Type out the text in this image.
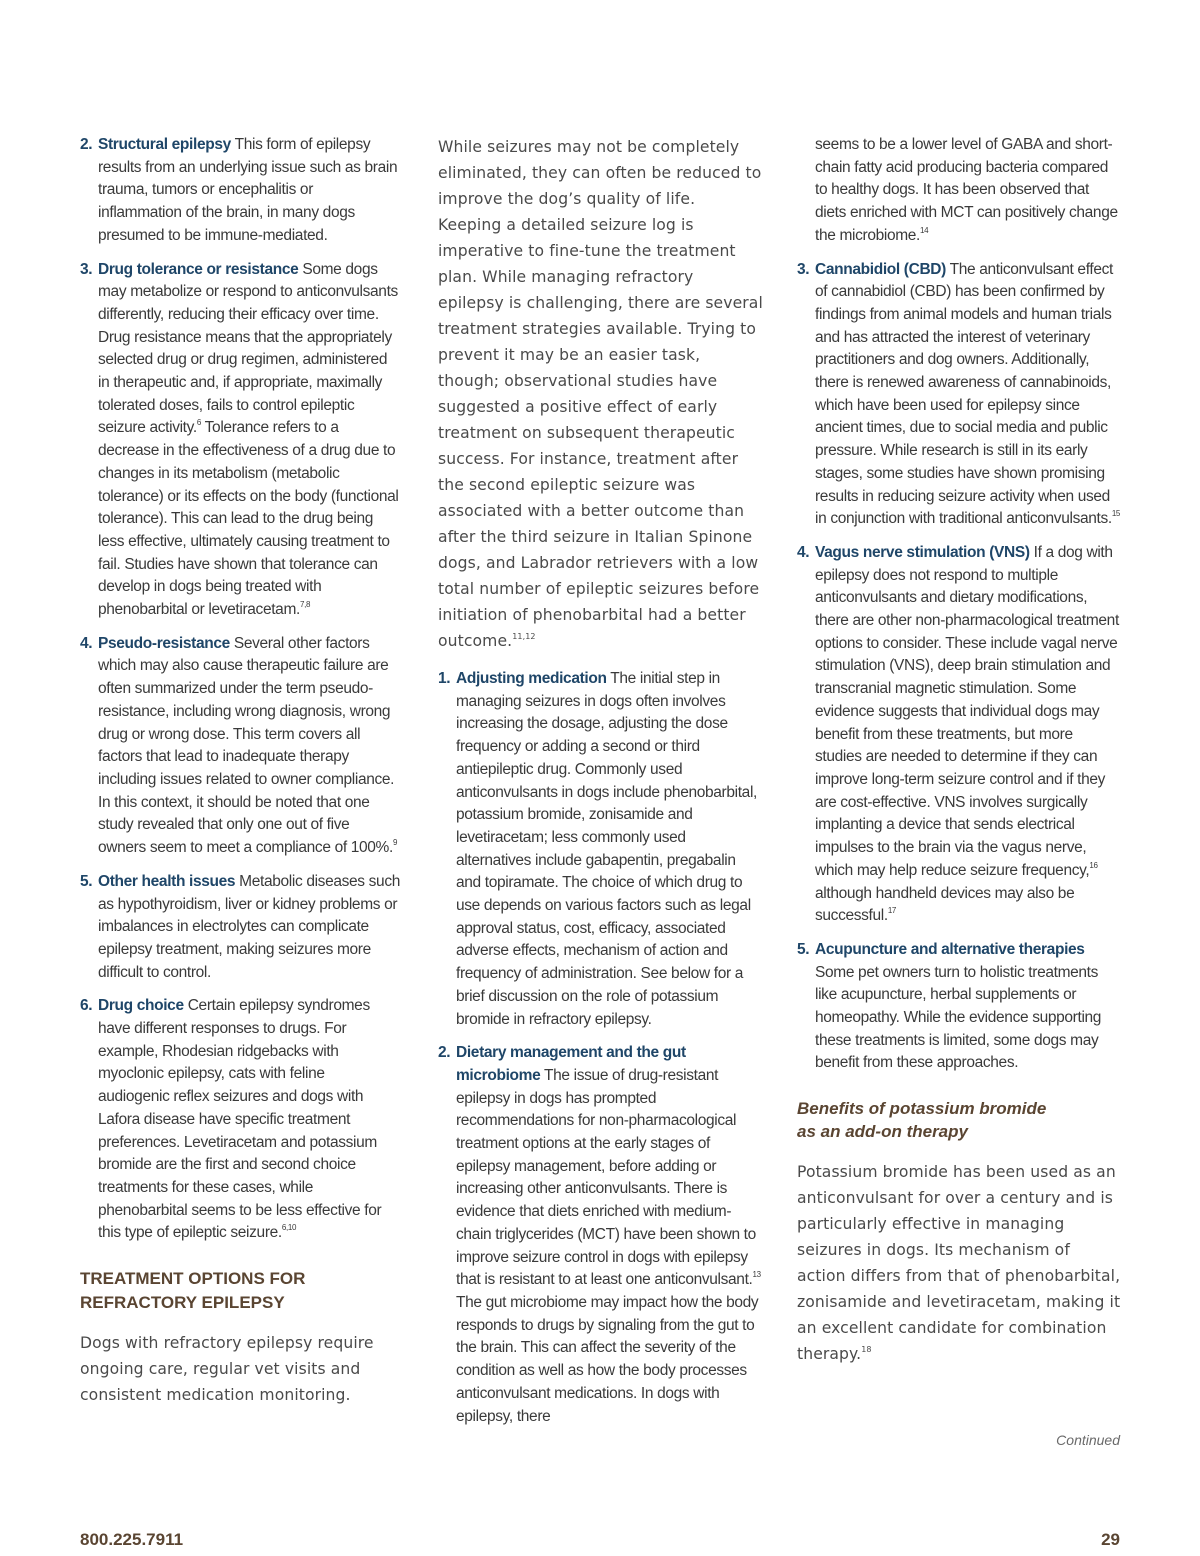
2. Structural epilepsy This form of epilepsy results from an underlying issue such as brain trauma, tumors or encephalitis or inflammation of the brain, in many dogs presumed to be immune-mediated.
3. Drug tolerance or resistance Some dogs may metabolize or respond to anticonvulsants differently, reducing their efficacy over time. Drug resistance means that the appropriately selected drug or drug regimen, administered in therapeutic and, if appropriate, maximally tolerated doses, fails to control epileptic seizure activity.$^6$ Tolerance refers to a decrease in the effectiveness of a drug due to changes in its metabolism (metabolic tolerance) or its effects on the body (functional tolerance). This can lead to the drug being less effective, ultimately causing treatment to fail. Studies have shown that tolerance can develop in dogs being treated with phenobarbital or levetiracetam.$^{7,8}$
4. Pseudo-resistance Several other factors which may also cause therapeutic failure are often summarized under the term pseudo-resistance, including wrong diagnosis, wrong drug or wrong dose. This term covers all factors that lead to inadequate therapy including issues related to owner compliance. In this context, it should be noted that one study revealed that only one out of five owners seem to meet a compliance of 100%.$^9$
5. Other health issues Metabolic diseases such as hypothyroidism, liver or kidney problems or imbalances in electrolytes can complicate epilepsy treatment, making seizures more difficult to control.
6. Drug choice Certain epilepsy syndromes have different responses to drugs. For example, Rhodesian ridgebacks with myoclonic epilepsy, cats with feline audiogenic reflex seizures and dogs with Lafora disease have specific treatment preferences. Levetiracetam and potassium bromide are the first and second choice treatments for these cases, while phenobarbital seems to be less effective for this type of epileptic seizure.$^{6,10}$
TREATMENT OPTIONS FOR
REFRACTORY EPILEPSY

Dogs with refractory epilepsy require ongoing care, regular vet visits and consistent medication monitoring.

While seizures may not be completely eliminated, they can often be reduced to improve the dog’s quality of life. Keeping a detailed seizure log is imperative to fine-tune the treatment plan. While managing refractory epilepsy is challenging, there are several treatment strategies available. Trying to prevent it may be an easier task, though; observational studies have suggested a positive effect of early treatment on subsequent therapeutic success. For instance, treatment after the second epileptic seizure was associated with a better outcome than after the third seizure in Italian Spinone dogs, and Labrador retrievers with a low total number of epileptic seizures before initiation of phenobarbital had a better outcome.$^{11,12}$

1. Adjusting medication The initial step in managing seizures in dogs often involves increasing the dosage, adjusting the dose frequency or adding a second or third antiepileptic drug. Commonly used anticonvulsants in dogs include phenobarbital, potassium bromide, zonisamide and levetiracetam; less commonly used alternatives include gabapentin, pregabalin and topiramate. The choice of which drug to use depends on various factors such as legal approval status, cost, efficacy, associated adverse effects, mechanism of action and frequency of administration. See below for a brief discussion on the role of potassium bromide in refractory epilepsy.
2. Dietary management and the gut microbiome The issue of drug-resistant epilepsy in dogs has prompted recommendations for non-pharmacological treatment options at the early stages of epilepsy management, before adding or increasing other anticonvulsants. There is evidence that diets enriched with medium-chain triglycerides (MCT) have been shown to improve seizure control in dogs with epilepsy that is resistant to at least one anticonvulsant.$^{13}$ The gut microbiome may impact how the body responds to drugs by signaling from the gut to the brain. This can affect the severity of the condition as well as how the body processes anticonvulsant medications. In dogs with epilepsy, there
seems to be a lower level of GABA and short-chain fatty acid producing bacteria compared to healthy dogs. It has been observed that diets enriched with MCT can positively change the microbiome.$^{14}$
3. Cannabidiol (CBD) The anticonvulsant effect of cannabidiol (CBD) has been confirmed by findings from animal models and human trials and has attracted the interest of veterinary practitioners and dog owners. Additionally, there is renewed awareness of cannabinoids, which have been used for epilepsy since ancient times, due to social media and public pressure. While research is still in its early stages, some studies have shown promising results in reducing seizure activity when used in conjunction with traditional anticonvulsants.$^{15}$
4. Vagus nerve stimulation (VNS) If a dog with epilepsy does not respond to multiple anticonvulsants and dietary modifications, there are other non-pharmacological treatment options to consider. These include vagal nerve stimulation (VNS), deep brain stimulation and transcranial magnetic stimulation. Some evidence suggests that individual dogs may benefit from these treatments, but more studies are needed to determine if they can improve long-term seizure control and if they are cost-effective. VNS involves surgically implanting a device that sends electrical impulses to the brain via the vagus nerve, which may help reduce seizure frequency,$^{16}$ although handheld devices may also be successful.$^{17}$
5. Acupuncture and alternative therapies Some pet owners turn to holistic treatments like acupuncture, herbal supplements or homeopathy. While the evidence supporting these treatments is limited, some dogs may benefit from these approaches.
Benefits of potassium bromide
as an add-on therapy

Potassium bromide has been used as an anticonvulsant for over a century and is particularly effective in managing seizures in dogs. Its mechanism of action differs from that of phenobarbital, zonisamide and levetiracetam, making it an excellent candidate for combination therapy.$^{18}$

Continued
800.225.7911	29
